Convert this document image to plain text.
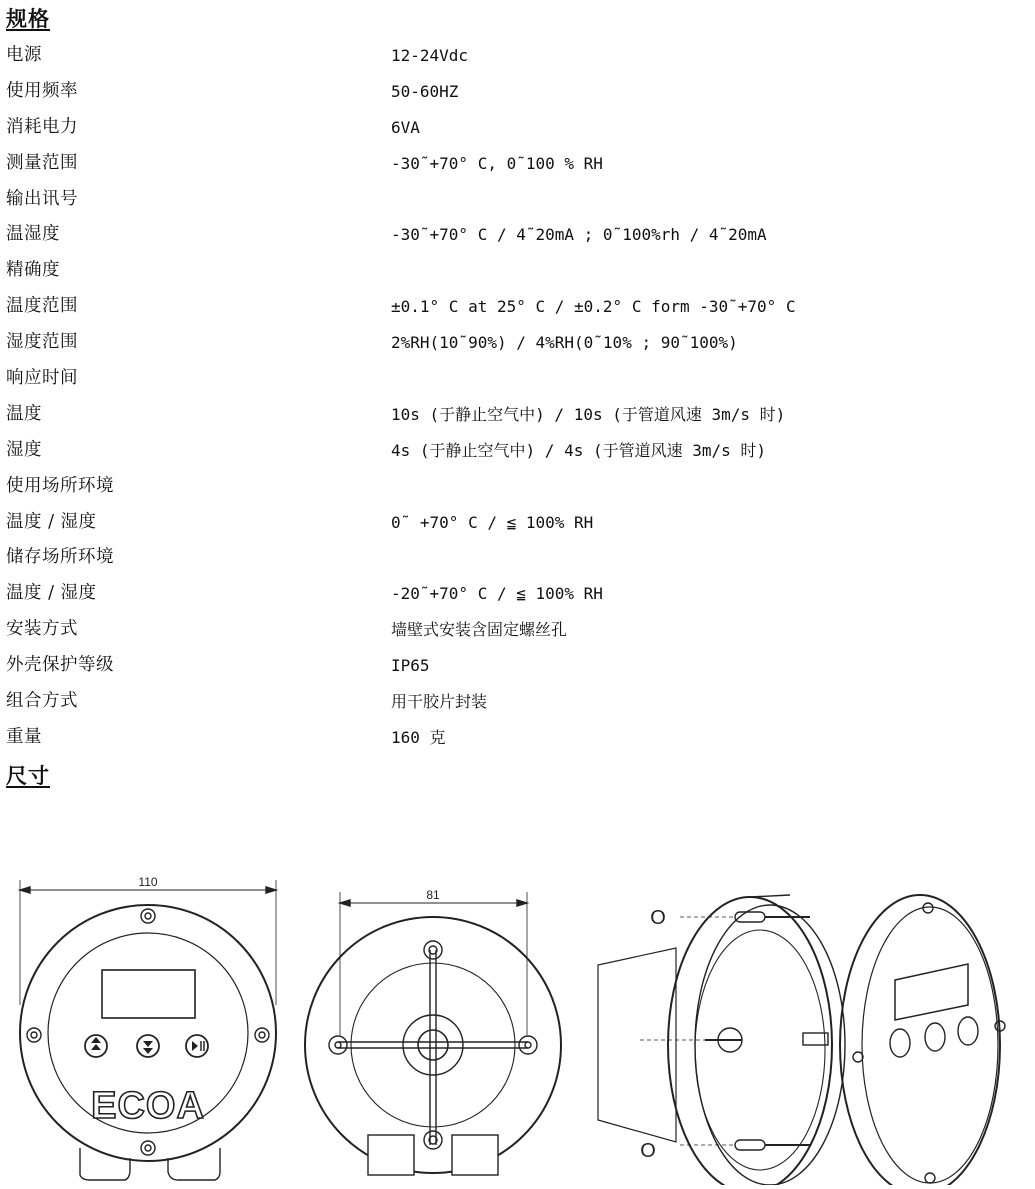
规格
电源	12-24Vdc
使用频率	50-60HZ
消耗电力	6VA
测量范围	-30˜+70° C, 0˜100 % RH
输出讯号
温湿度	-30˜+70° C / 4˜20mA ; 0˜100%rh / 4˜20mA
精确度
温度范围	±0.1° C at 25° C / ±0.2° C form -30˜+70° C
湿度范围	2%RH(10˜90%) / 4%RH(0˜10% ; 90˜100%)
响应时间
温度	10s (于静止空气中) / 10s (于管道风速 3m/s 时)
湿度	4s (于静止空气中) / 4s (于管道风速 3m/s 时)
使用场所环境
温度 / 湿度	0˜ +70° C / ≦ 100% RH
储存场所环境
温度 / 湿度	-20˜+70° C / ≦ 100% RH
安装方式	墙壁式安装含固定螺丝孔
外壳保护等级	IP65
组合方式	用干胶片封装
重量	160 克
尺寸
110
ECOA
81
O
O
